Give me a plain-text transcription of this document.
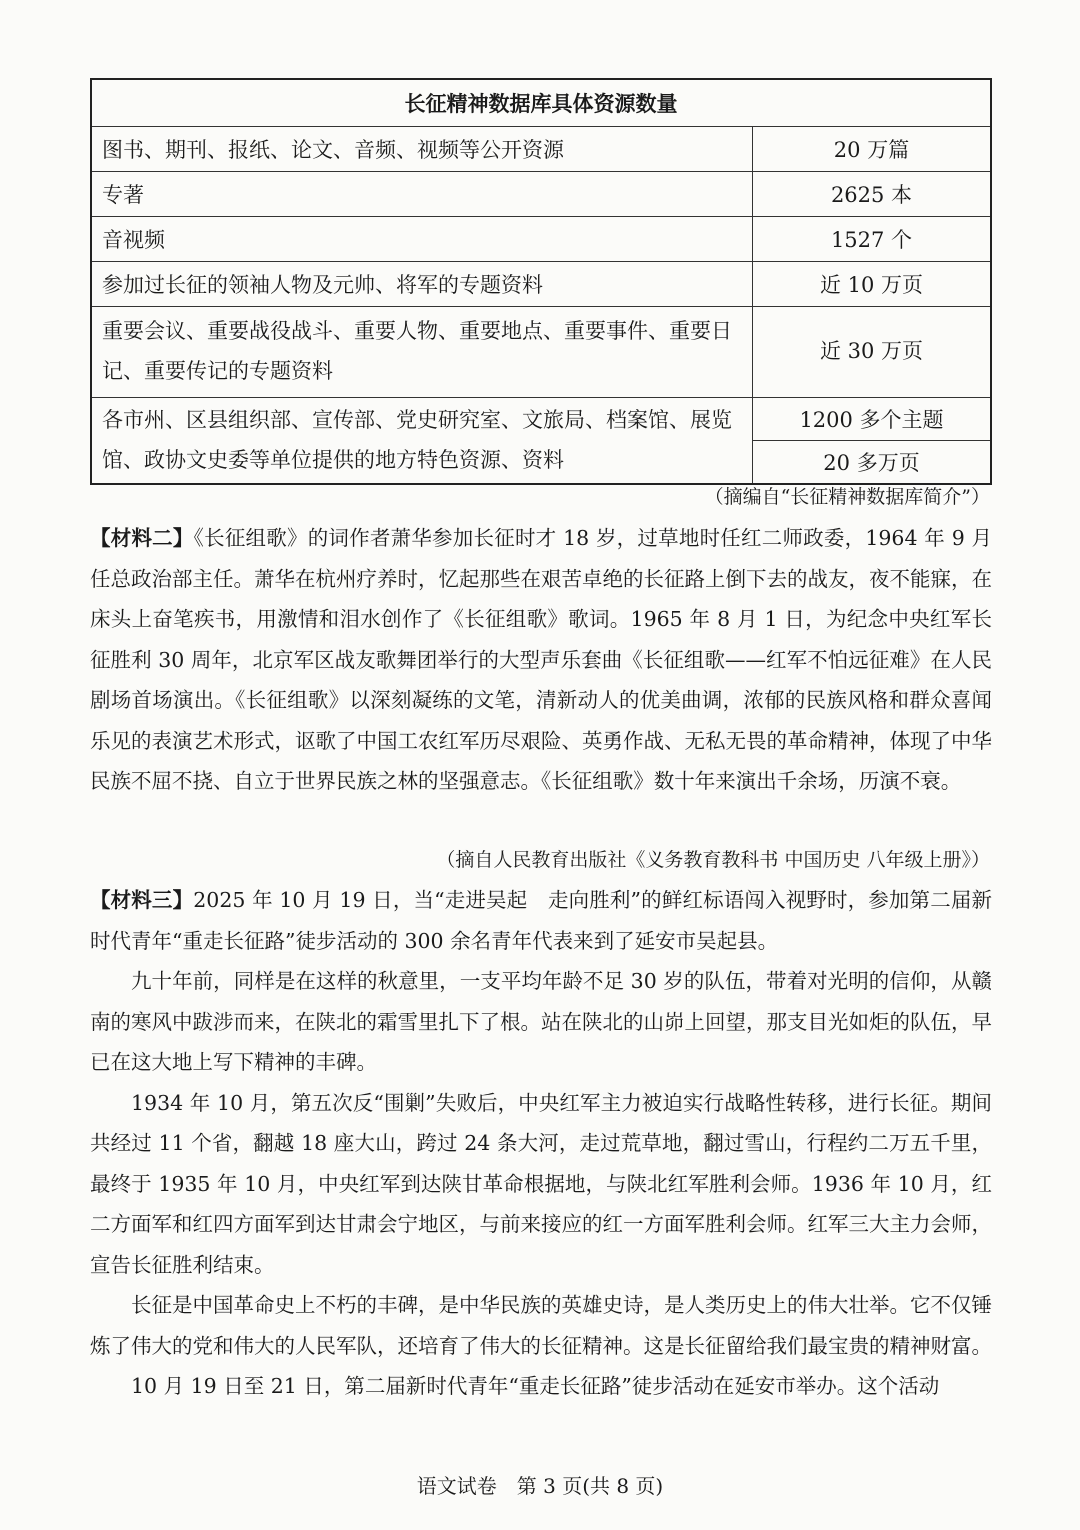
长征精神数据库具体资源数量	
图书、期刊、报纸、论文、音频、视频等公开资源	20 万篇
专著	2625 本
音视频	1527 个
参加过长征的领袖人物及元帅、将军的专题资料	近 10 万页
重要会议、重要战役战斗、重要人物、重要地点、重要事件、重要日记、重要传记的专题资料	近 30 万页
各市州、区县组织部、宣传部、党史研究室、文旅局、档案馆、展览馆、政协文史委等单位提供的地方特色资源、资料	1200 多个主题
	20 多万页
（摘编自“长征精神数据库简介”）

【材料二】《长征组歌》的词作者萧华参加长征时才 18 岁，过草地时任红二师政委，1964 年 9 月任总政治部主任。萧华在杭州疗养时，忆起那些在艰苦卓绝的长征路上倒下去的战友，夜不能寐，在床头上奋笔疾书，用激情和泪水创作了《长征组歌》歌词。1965 年 8 月 1 日，为纪念中央红军长征胜利 30 周年，北京军区战友歌舞团举行的大型声乐套曲《长征组歌——红军不怕远征难》在人民剧场首场演出。《长征组歌》以深刻凝练的文笔，清新动人的优美曲调，浓郁的民族风格和群众喜闻乐见的表演艺术形式，讴歌了中国工农红军历尽艰险、英勇作战、无私无畏的革命精神，体现了中华民族不屈不挠、自立于世界民族之林的坚强意志。《长征组歌》数十年来演出千余场，历演不衰。

（摘自人民教育出版社《义务教育教科书 中国历史 八年级上册》）

【材料三】2025 年 10 月 19 日，当“走进吴起　走向胜利”的鲜红标语闯入视野时，参加第二届新时代青年“重走长征路”徒步活动的 300 余名青年代表来到了延安市吴起县。

九十年前，同样是在这样的秋意里，一支平均年龄不足 30 岁的队伍，带着对光明的信仰，从赣南的寒风中跋涉而来，在陕北的霜雪里扎下了根。站在陕北的山峁上回望，那支目光如炬的队伍，早已在这大地上写下精神的丰碑。

1934 年 10 月，第五次反“围剿”失败后，中央红军主力被迫实行战略性转移，进行长征。期间共经过 11 个省，翻越 18 座大山，跨过 24 条大河，走过荒草地，翻过雪山，行程约二万五千里，最终于 1935 年 10 月，中央红军到达陕甘革命根据地，与陕北红军胜利会师。1936 年 10 月，红二方面军和红四方面军到达甘肃会宁地区，与前来接应的红一方面军胜利会师。红军三大主力会师，宣告长征胜利结束。

长征是中国革命史上不朽的丰碑，是中华民族的英雄史诗，是人类历史上的伟大壮举。它不仅锤炼了伟大的党和伟大的人民军队，还培育了伟大的长征精神。这是长征留给我们最宝贵的精神财富。

10 月 19 日至 21 日，第二届新时代青年“重走长征路”徒步活动在延安市举办。这个活动

语文试卷　第 3 页(共 8 页)
